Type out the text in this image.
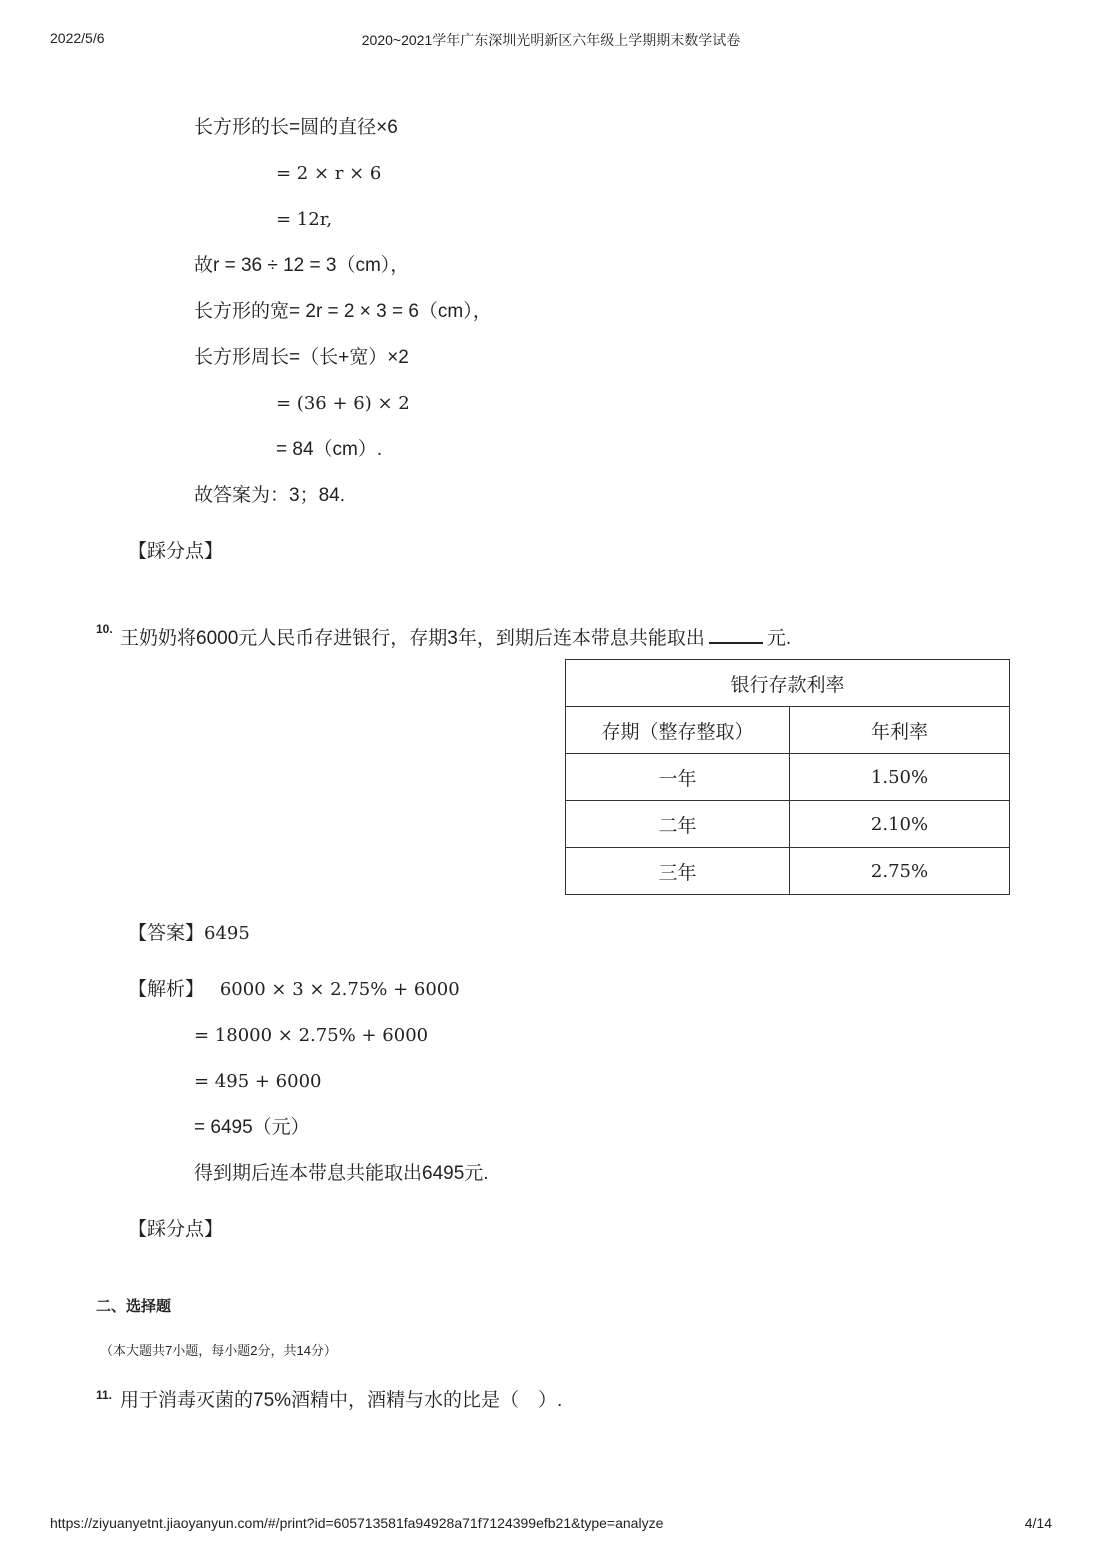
2022/5/6	2020~2021学年广东深圳光明新区六年级上学期期末数学试卷
长方形的长=圆的直径×6
= 2 × r × 6
= 12r,
故r = 36 ÷ 12 = 3（cm），
长方形的宽= 2r = 2 × 3 = 6（cm），
长方形周长=（长+宽）×2
= (36 + 6) × 2
= 84（cm）.
故答案为：3；84.
【踩分点】
10. 王奶奶将6000元人民币存进银行，存期3年，到期后连本带息共能取出	元.
银行存款利率	
存期（整存整取）	年利率
一年	1.50%
二年	2.10%
三年	2.75%
【答案】6495
【解析】 6000 × 3 × 2.75% + 6000
= 18000 × 2.75% + 6000
= 495 + 6000
= 6495（元）
得到期后连本带息共能取出6495元.
【踩分点】
二、选择题
（本大题共7小题，每小题2分，共14分）
11. 用于消毒灭菌的75%酒精中，酒精与水的比是（　）.
https://ziyuanyetnt.jiaoyanyun.com/#/print?id=605713581fa94928a71f7124399efb21&type=analyze	4/14
